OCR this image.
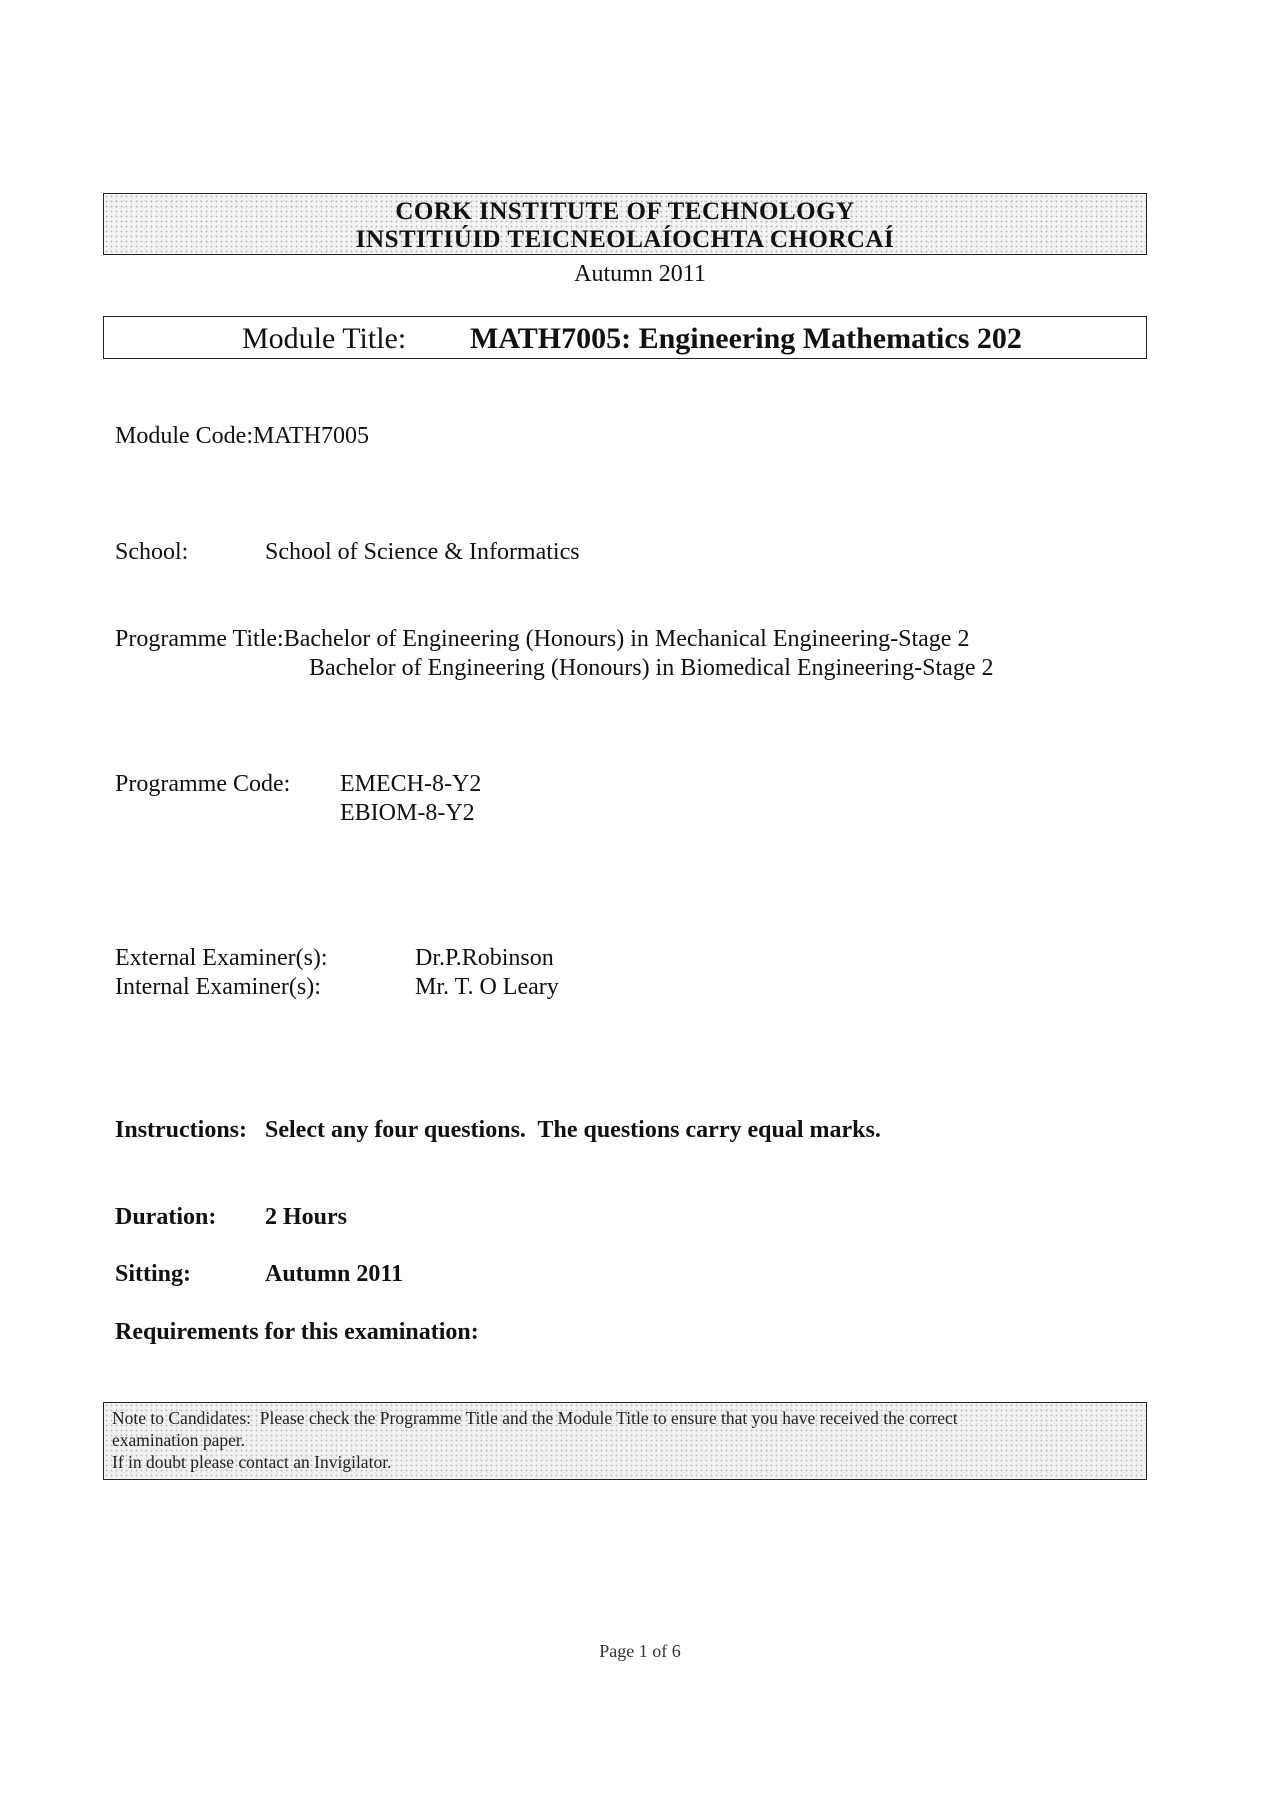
CORK INSTITUTE OF TECHNOLOGY
INSTITIÚID TEICNEOLAÍOCHTA CHORCAÍ
Autumn 2011
Module Title: MATH7005: Engineering Mathematics 202
Module Code:MATH7005
School:	School of Science & Informatics
Programme Title:Bachelor of Engineering (Honours) in Mechanical Engineering-Stage 2
Bachelor of Engineering (Honours) in Biomedical Engineering-Stage 2
Programme Code: EMECH-8-Y2
EBIOM-8-Y2
External Examiner(s):	Dr.P.Robinson
Internal Examiner(s):	Mr. T. O Leary
Instructions: Select any four questions.  The questions carry equal marks.
Duration: 2 Hours
Sitting:	Autumn 2011
Requirements for this examination:
Note to Candidates:  Please check the Programme Title and the Module Title to ensure that you have received the correct
examination paper.
If in doubt please contact an Invigilator.
Page 1 of 6
